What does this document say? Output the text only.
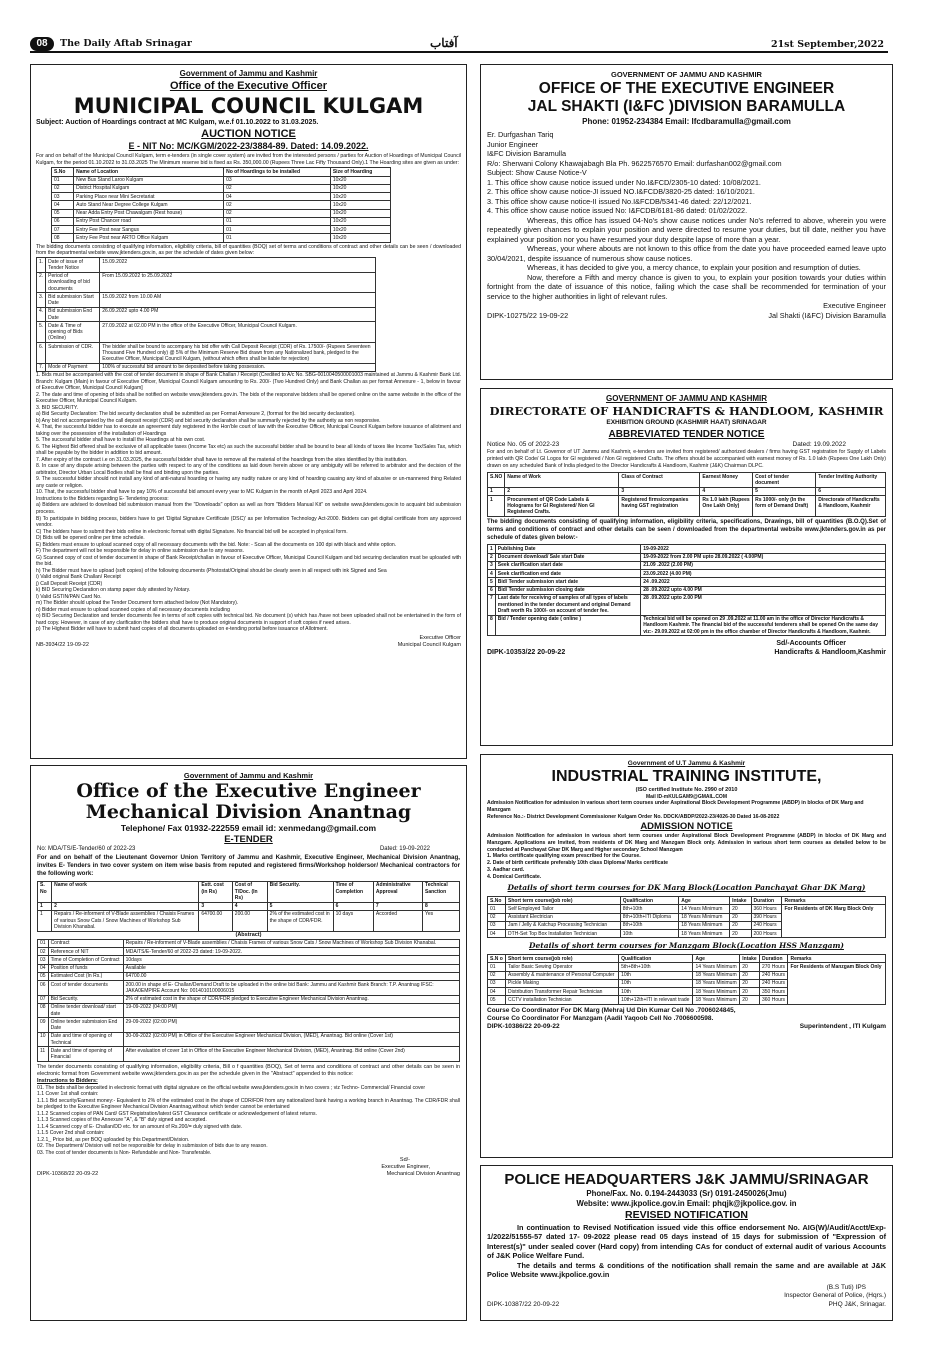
08	The Daily Aftab Srinagar	آفتاب	21st September,2022
Government of Jammu and Kashmir
Office of the Executive Officer
MUNICIPAL COUNCIL KULGAM
Subject: Auction of Hoardings contract at MC Kulgam, w.e.f 01.10.2022 to 31.03.2025.
AUCTION NOTICE
E - NIT No: MC/KGM/2022-23/3884-89. Dated: 14.09.2022.
For and on behalf of the Municipal Council Kulgam, term e-tenders (in single cover system) are invited from the interested persons / parties for Auction of Hoardings of Municipal Council Kulgam, for the period 01.10.2022 to 31.03.2025 The Minimum reserve bid is fixed as Rs. 350,000.00 (Rupees Three Lac Fifty Thousand Only).1 The Hoarding sites are given as under:
S.No	Name of Location	No of Hoardings to be installed	Size of Hoarding
01	New Bus Stand Laroo Kulgam	03	10x20
02	District Hospital Kulgam	02	10x20
03	Parking Place near Mini Secretariat	04	10x20
04	Auto Stand Near Degree College Kulgam	02	10x20
05	Near Adda Entry Post Chawalgam (Rest house)	02	10x20
06	Entry Post Chancer road	01	10x20
07	Entry Fee Post near Sangus	01	10x20
08	Entry Fee Post near ARTO Office Kulgam	01	10x20
The bidding documents consisting of qualifying information, eligibility criteria, bill of quantities (BOQ) set of terms and conditions of contract and other details can be seen / downloaded from the departmental website www.jktenders.gov.in, as per the schedule of dates given below:
1.	Date of issue of Tender Notice	15.09.2022
2.	Period of downloading of bid documents	From 15.09.2022 to 25.09.2022
3.	Bid submission Start Date	15.09.2022 from 10.00 AM
4.	Bid submission End Date	26.09.2022 upto 4.00 PM
5.	Date & Time of opening of Bids (Online)	27.09.2022 at 02.00 PM in the office of the Executive Officer, Municipal Council Kulgam.
6.	Submission of CDR.	The bidder shall be bound to accompany his bid offer with Call Deposit Receipt (CDR) of Rs. 17500/- (Rupees Seventeen Thousand Five Hundred only) @ 5% of the Minimum Reserve Bid drawn from any Nationalized bank, pledged to the Executive Officer, Municipal Council Kulgam, (without which offers shall be liable for rejection)
7.	Mode of Payment	100% of successful bid amount to be deposited before taking possession.
1. Bids must be accompanied with the cost of tender document in shape of Bank Challan / Receipt (Credited to A/c No. SBG-0010040500001003 maintained at Jammu & Kashmir Bank Ltd. Branch: Kulgam (Main) in favour of Executive Officer, Municipal Council Kulgam amounting to Rs. 200/- (Two Hundred Only) and Bank Challan as per format Annexure - 1, below in favour of Executive Officer, Municipal Council Kulgam]
2. The date and time of opening of bids shall be notified on website www.jktenders.gov.in. The bids of the responsive bidders shall be opened online on the same website in the office of the Executive Officer, Municipal Council Kulgam.
3. BID SECURITY.
a) Bid Security Declaration: The bid security declaration shall be submitted as per Format Annexure 2, (format for the bid security declaration).
b) Any bid not accompanied by the call deposit receipt (CDR) and bid security declaration shall be summarily rejected by the authority as non responsive.
4. That, the successful bidder has to execute an agreement duly registered in the Hon'ble court of law with the Executive Officer, Municipal Council Kulgam before issuance of allotment and taking over the possession of the installation of Hoardings
5. The successful bidder shall have to install the Hoardings at his own cost.
6. The Highest Bid offered shall be exclusive of all applicable taxes (Income Tax etc) as such the successful bidder shall be bound to bear all kinds of taxes like Income Tax/Sales Tax, which shall be payable by the bidder in addition to bid amount.
7. After expiry of the contract i.e on 31.03.2025, the successful bidder shall have to remove all the material of the hoardings from the sites identified by this institution.
8. In case of any dispute arising between the parties with respect to any of the conditions as laid down herein above or any ambiguity will be referred to arbitrator and the decision of the arbitrator, Director Urban Local Bodies shall be final and binding upon the parties.
9. The successful bidder should not install any kind of anti-natural hoarding or having any nudity nature or any kind of hoarding causing any kind of abusive or un-mannered thing Related any caste or religion.
10. That, the successful bidder shall have to pay 10% of successful bid amount every year to MC Kulgam in the month of April 2023 and April 2024.
Instructions to the Bidders regarding E- Tendering process:
a) Bidders are advised to download bid submission manual from the "Downloads" option as well as from "Bidders Manual Kit" on website www.jktenders.gov.in to acquaint bid submission process.
B) To participate in bidding process, bidders have to get 'Digital Signature Certificate (DSC)' as per Information Technology Act-2000. Bidders can get digital certificate from any approved vendor.
C) The bidders have to submit their bids online in electronic format with digital Signature. No financial bid will be accepted in physical form.
D) Bids will be opened online per time schedule.
E) Bidders must ensure to upload scanned copy of all necessary documents with the bid. Note: - Scan all the documents on 100 dpi with black and white option.
F) The department will not be responsible for delay in online submission due to any reasons.
G) Scanned copy of cost of tender document in shape of Bank Receipt/challan in favour of Executive Officer, Municipal Council Kulgam and bid securing declaration must be uploaded with the bid.
h) The Bidder must have to upload (soft copies) of the following documents (Photostat/Original should be clearly seen in all respect with ink Signed and Sea
i) Valid original Bank Challan/ Receipt
j) Call Deposit Receipt (CDR)
k) BID Securing Declaration on stamp paper duly attested by Notary.
l) Valid GSTIN/PAN Card No.
m) The Bidder should upload the Tender Document form attached below (Not Mandatory).
n) Bidder must ensure to upload scanned copies of all necessary documents including
o) BID Securing Declaration and tender documents fee in terms of soft copies with technical bid. No document (s) which has /have not been uploaded shall not be entertained in the form of hard copy. However, in case of any clarification the bidders shall have to produce original documents in support of soft copies if need arises.
p) The Highest Bidder will have to submit hard copies of all documents uploaded on e-tending portal before issuance of Allotment.
Executive Officer
NB-3934/22 19-09-22	Municipal Council Kulgam
GOVERNMENT OF JAMMU AND KASHMIR
OFFICE OF THE EXECUTIVE ENGINEER
JAL SHAKTI (I&FC )DIVISION BARAMULLA
Phone: 01952-234384 Email: lfcdbaramulla@gmail.com
Er. Durfgashan Tariq
Junior Engineer
I&FC Division Baramulla
R/o: Sherwani Colony Khawajabagh Bla Ph. 9622576570 Email: durfashan002@gmail.com
Subject: Show Cause Notice-V
1. This office show cause notice issued under No.I&FCD/2305-10 dated: 10/08/2021.
2. This office show cause notice-JI issued NO.I&FCDB/3820-25 dated: 16/10/2021.
3. This office show cause notice-II issued No.I&FCDB/5341-46 dated: 22/12/2021.
4. This office show cause notice issued No: I&FCDB/6181-86 dated: 01/02/2022.
Whereas, this office has issued 04-No's show cause notices under No's referred to above, wherein you were repeatedly given chances to explain your position and were directed to resume your duties, but till date, neither you have explained your position nor you have resumed your duty despite lapse of more than a year.
Whereas, your where abouts are not known to this office from the date you have proceeded earned leave upto 30/04/2021, despite issuance of numerous show cause notices.
Whereas, it has decided to give you, a mercy chance, to explain your position and resumption of duties.
Now, therefore a Fifth and mercy chance is given to you, to explain your position towards your duties within fortnight from the date of issuance of this notice, failing which the case shall be recommended for termination of your service to the higher authorities in light of relevant rules.
Executive Engineer
DIPK-10275/22 19-09-22	Jal Shakti (I&FC) Division Baramulla
GOVERNMENT OF JAMMU AND KASHMIR
DIRECTORATE OF HANDICRAFTS & HANDLOOM, KASHMIR
EXHIBITION GROUND (KASHMIR HAAT) SRINAGAR
ABBREVIATED TENDER NOTICE
Notice No. 05 of 2022-23	Dated: 19.09.2022
For and on behalf of Lt. Governor of UT Jammu and Kashmir, e-tenders are invited from registered/ authorized dealers / firms having GST registration for Supply of Labels printed with QR Code/ GI Logos for GI registered / Non GI registered Crafts. The offers should be accompanied with earnest money of Rs. 1.0 lakh (Rupees One Lakh Only) drawn on any scheduled Bank of India pledged to the Director Handicrafts & Handloom, Kashmir (J&K) Chairman DLPC.
S.NO	Name of Work	Class of Contract	Earnest Money	Cost of tender document	Tender Inviting Authority
1	2	3	4	5	6
1	Procurement of QR Code Labels & Holograms for GI Registered/ Non GI Registered Crafts.	Registered firms/companies having GST registration	Rs 1.0 lakh (Rupees One Lakh Only)	Rs 1000/- only (In the form of Demand Draft)	Directorate of Handicrafts & Handloom, Kashmir
The bidding documents consisting of qualifying information, eligibility criteria, specifications, Drawings, bill of quantities (B.O.Q).Set of terms and conditions of contract and other details can be seen / downloaded from the departmental website www.jktenders.gov.in as per schedule of dates given below:-
1	Publishing Date	19-09-2022
2	Document download/ Sale start Date	19-09-2022 from 2.00 PM upto 28.09.2022 ( 4.00PM)
3	Seek clarification start date	21.09 .2022 (2.00 PM)
4	Seek clarification end date	23.09.2022 (4.00 PM)
5	Bid/ Tender submission start date	24 .09.2022
6	Bid/ Tender submission closing date	28 .09.2022 upto 4.00 PM
7	Last date for receiving of samples of all types of labels mentioned in the tender document and original Demand Draft worth Rs 1000/- on account of tender fee.	28 .09.2022 upto 2.00 PM
8	Bid / Tender opening date ( online )	Technical bid will be opened on 29 .09.2022 at 11.00 am in the office of Director Handicrafts & Handloom Kashmir. The financial bid of the successful tenderers shall be opened On the same day viz:- 29.09.2022 at 02:00 pm in the office chamber of Director Handicrafts & Handloom, Kashmir.
Sd/-Accounts Officer
DIPK-10353/22 20-09-22	Handicrafts & Handloom,Kashmir
Government of Jammu and Kashmir
Office of the Executive Engineer
Mechanical Division Anantnag
Telephone/ Fax 01932-222559 email id: xenmedang@gmail.com
E-TENDER
No: MDA/TS/E-Tender/60 of 2022-23	Dated: 19-09-2022
For and on behalf of the Lieutenant Governor Union Territory of Jammu and Kashmir, Executive Engineer, Mechanical Division Anantnag, invites E- Tenders in two cover system on item wise basis from reputed and registered firms/Workshop holdersor/ Mechanical contractors for the following work:
S. No	Name of work	Estt. cost (in Rs)	Cost of T/Doc. (In Rs)	Bid Security.	Time of Completion	Administrative Approval	Technical Sanction
1	2	3	4	5	6	7	8
1	Repairs / Re-informent of V-Blade assemblies / Chaisis Frames of various Snow Cats / Snow Machines of Workshop Sub Division Khanabal.	64700.00	200.00	2% of the estimated cost in the shape of CDR/FDR.	10 days	Accorded	Yes
(Abstract)
01	Contract	Repairs / Re-informent of V-Blade assemblies / Chaisis Frames of various Snow Cats / Snow Machines of Workshop Sub Division Khanabal.
02	Reference of NIT	MDA/TS/E-Tender/60 of 2022-23 dated: 19-09-2022.
03	Time of Completion of Contract	10days
04	Position of funds	Available
05	Estimated Cost (In Rs.)	64700.00
06	Cost of tender documents	200.00 in shape of E- Challan/Demand Draft to be uploaded in the online bid Bank: Jammu and Kashmir Bank Branch: T.P. Anantnag IFSC: JAKA0EMPIRE Account No: 0014010100006015
07	Bid Security.	2% of estimated cost in the shape of CDR/FDR pledged to Executive Engineer Mechanical Division Anantnag.
08	Online tender download/ start date	19-09-2022 (04:00 PM)
09	Online tender submission End Date	29-09-2022 (02:00 PM)
10	Date and time of opening of Technical	30-09-2022 (02:00 PM) in Office of the Executive Engineer Mechanical Division, (MED), Anantnag. Bid online (Cover 1st)
11	Date and time of opening of Financial	After evaluation of cover 1st in Office of the Executive Engineer Mechanical Division, (MED), Anantnag. Bid online (Cover 2nd)
The tender documents consisting of qualifying information, eligibility criteria, Bill o f quantities (BOQ), Set of terms and conditions of contract and other details can be seen in electronic format from Government website www.jktenders.gov.in as per the schedule given in the "Abstract" appended to this notice:
Instructions to Bidders:
01. The bids shall be deposited in electronic format with digital signature on the official website www.jktenders.gov.in in two covers ; viz Techno- Commercial/ Financial cover
1.1 Cover 1st shall contain:
1.1.1 Bid security/Earnest money:- Equivalent to 2% of the estimated cost in the shape of CDR/FDR from any nationalized bank having a working branch in Anantnag. The CDR/FDR shall be pledged to the Executive Engineer Mechanical Division Anantnag,without which tender cannot be entertained
1.1.2 Scanned copies of PAN Card/ GST Registration/latest GST Clearance certificate or acknowledgement of latest returns.
1.1.3 Scanned copies of the Annexure "A", & "B" duly signed and accepted.
1.1.4 Scanned copy of E- Challan/DD etc. for an amount of Rs.200/= duly signed with date.
1.1.5 Cover 2nd shall contain:
1.2.1_ Price bid, as per BOQ uploaded by this Department/Division.
02. The Department/ Division will not be responsible for delay in submission of bids due to any reason.
03. The cost of tender documents is Non- Refundable and Non- Transferable.
Sd/-
Executive Engineer,
DIPK-10368/22 20-09-22	Mechanical Division Anantnag
Government of U.T Jammu & Kashmir
INDUSTRIAL TRAINING INSTITUTE,
(ISO certified Institute No. 2990 of 2010
Mail ID-mKULGAM9@GMAIL.COM
Admission Notification for admission in various short term courses under Aspirational Block Development Programme (ABDP) in blocks of DK Marg and Manzgam
Reference No.:- District Development Commissioner Kulgam Order No. DDCK/ABDP/2022-23/4026-30 Dated 16-08-2022
ADMISSION NOTICE
Admission Notification for admission in various short term courses under Aspirational Block Development Programme (ABDP) in blocks of DK Marg and Manzgam. Applications are Invited, from residents of DK Marg and Manzgam Block only. Admission in various short term courses as detailed below to be conducted at Panchayat Ghar DK Marg and Higher secondary School Manzgam
1. Marks certificate qualifying exam prescribed for the Course.
2. Date of birth certificate preferably 10th class Diploma/ Marks certificate
3. Aadhar card.
4. Domical Certificate.
Details of short term courses for DK Marg Block(Location Panchayat Ghar DK Marg)
S.No	Short term course(job role)	Qualification	Age	Intake	Duration	Remarks
01	Self Employed Tailor	8th+10th	14 Years Minimum	20	360 Hours	For Residents of DK Marg Block Only
02	Assistant Electrician	8th+10th+ITI Diploma	18 Years Minimum	20	390 Hours	
03	Jam / Jelly & Katchup Processing Technician	8th+10th	18 Years Minimum	20	240 Hours	
04	DTH-Set Top Box Installation Technician	10th	18 Years Minimum	20	200 Hours	
Details of short term courses for Manzgam Block(Location HSS Manzgam)
S.N o	Short term course(job role)	Qualification	Age	Intake	Duration	Remarks
01	Tailor Basic Sewing Operator	5th+8th+10th	14 Years Minimum	20	270 Hours	For Residents of Manzgam Block Only
02	Assembly & maintenance of Personal Computer	10th	18 Years Minimum	20	240 Hours	
03	Pickle Making	10th	18 Years Minimum	20	240 Hours	
04	Distribution Transformer Repair Technician	10th	18 Years Minimum	20	350 Hours	
05	CCTV installation Technician	10th+12th+ITI in relevant trade	18 Years Minimum	20	360 Hours	
Course Co Coordinator For DK Marg (Mehraj Ud Din Kumar Cell No .7006024845,
Course Co Coordinator For Manzgam (Aadil Yaqoob Cell No .7006600598.
DIPK-10386/22 20-09-22	Superintendent , ITI Kulgam
POLICE HEADQUARTERS J&K JAMMU/SRINAGAR
Phone/Fax. No. 0.194-2443033 (Sr) 0191-2450026(Jmu)
Website: www.jkpolice.gov.in Email: phqjk@jkpolice.gov. in
REVISED NOTIFICATION
In continuation to Revised Notification issued vide this office endorsement No. AIG(W)/Audit/Acctt/Exp-1/2022/51555-57 dated 17- 09-2022 please read 05 days instead of 15 days for submission of "Expression of Interest(s)" under sealed cover (Hard copy) from intending CAs for conduct of external audit of various Accounts of J&K Police Welfare Fund.
The details and terms & conditions of the notification shall remain the same and are available at J&K Police Website www.jkpolice.gov.in
(B.S Tuti) IPS
Inspector General of Police, (Hqrs.)
DIPK-10387/22 20-09-22	PHQ J&K, Srinagar.
